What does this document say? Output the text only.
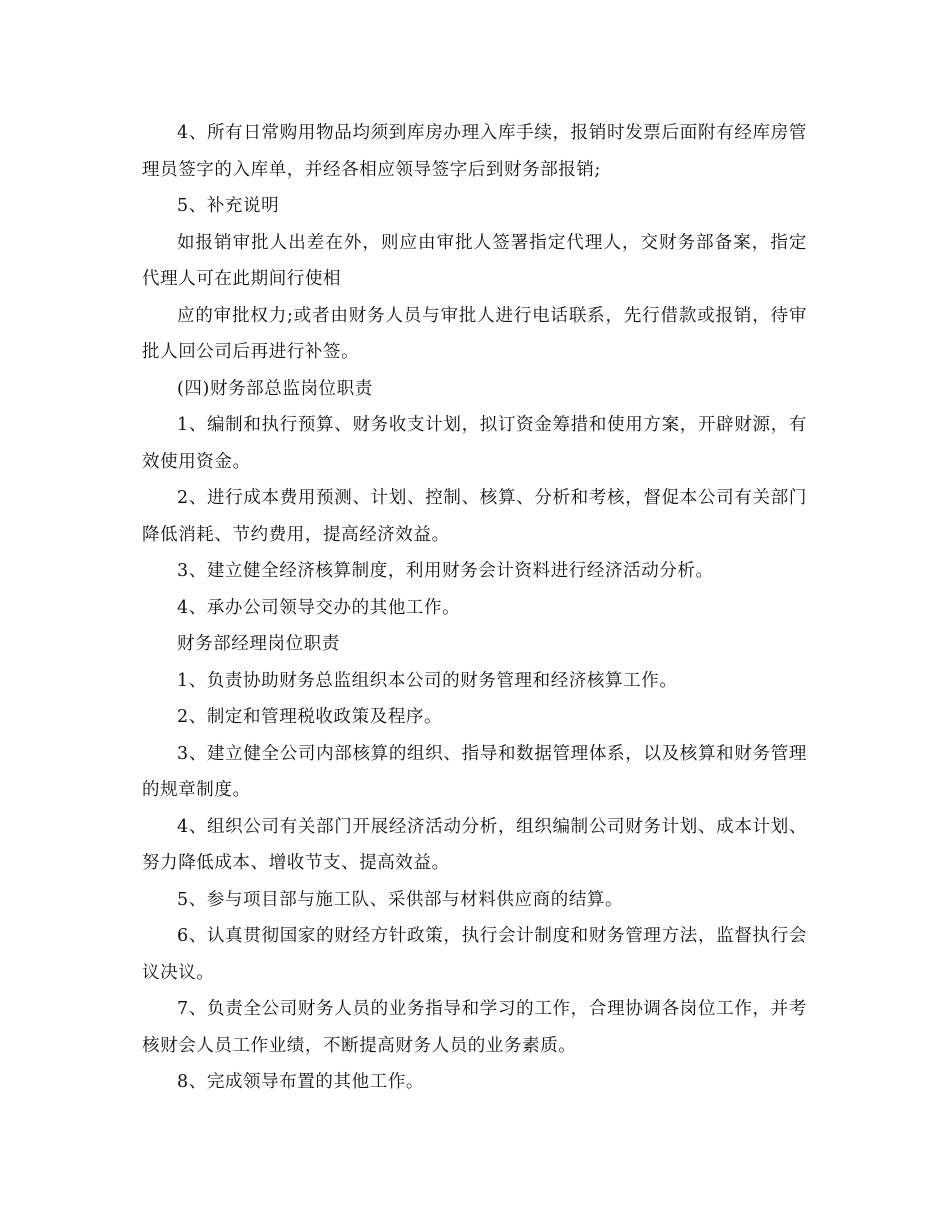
4、所有日常购用物品均须到库房办理入库手续，报销时发票后面附有经库房管理员签字的入库单，并经各相应领导签字后到财务部报销;

5、补充说明

如报销审批人出差在外，则应由审批人签署指定代理人，交财务部备案，指定代理人可在此期间行使相

应的审批权力;或者由财务人员与审批人进行电话联系，先行借款或报销，待审批人回公司后再进行补签。

(四)财务部总监岗位职责

1、编制和执行预算、财务收支计划，拟订资金筹措和使用方案，开辟财源，有效使用资金。

2、进行成本费用预测、计划、控制、核算、分析和考核，督促本公司有关部门降低消耗、节约费用，提高经济效益。

3、建立健全经济核算制度，利用财务会计资料进行经济活动分析。

4、承办公司领导交办的其他工作。

财务部经理岗位职责

1、负责协助财务总监组织本公司的财务管理和经济核算工作。

2、制定和管理税收政策及程序。

3、建立健全公司内部核算的组织、指导和数据管理体系，以及核算和财务管理的规章制度。

4、组织公司有关部门开展经济活动分析，组织编制公司财务计划、成本计划、努力降低成本、增收节支、提高效益。

5、参与项目部与施工队、采供部与材料供应商的结算。

6、认真贯彻国家的财经方针政策，执行会计制度和财务管理方法，监督执行会议决议。

7、负责全公司财务人员的业务指导和学习的工作，合理协调各岗位工作，并考核财会人员工作业绩，不断提高财务人员的业务素质。

8、完成领导布置的其他工作。
